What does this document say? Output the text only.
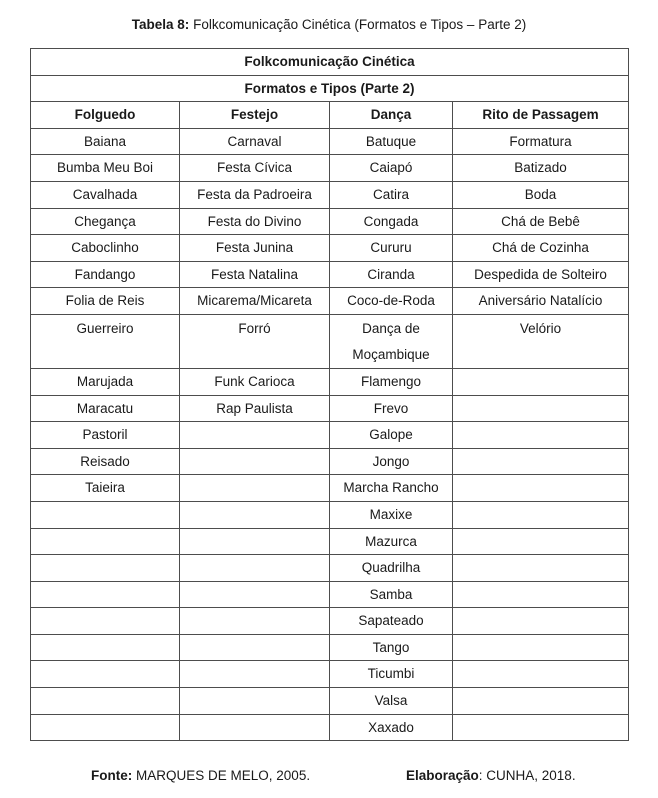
Tabela 8: Folkcomunicação Cinética (Formatos e Tipos – Parte 2)
Folkcomunicação Cinética			
Formatos e Tipos (Parte 2)			
Folguedo	Festejo	Dança	Rito de Passagem
Baiana	Carnaval	Batuque	Formatura
Bumba Meu Boi	Festa Cívica	Caiapó	Batizado
Cavalhada	Festa da Padroeira	Catira	Boda
Chegança	Festa do Divino	Congada	Chá de Bebê
Caboclinho	Festa Junina	Cururu	Chá de Cozinha
Fandango	Festa Natalina	Ciranda	Despedida de Solteiro
Folia de Reis	Micarema/Micareta	Coco-de-Roda	Aniversário Natalício
Guerreiro	Forró	Dança de Moçambique	Velório
Marujada	Funk Carioca	Flamengo	
Maracatu	Rap Paulista	Frevo	
Pastoril		Galope	
Reisado		Jongo	
Taieira		Marcha Rancho	
		Maxixe	
		Mazurca	
		Quadrilha	
		Samba	
		Sapateado	
		Tango	
		Ticumbi	
		Valsa	
		Xaxado	
Fonte: MARQUES DE MELO, 2005.	Elaboração: CUNHA, 2018.
